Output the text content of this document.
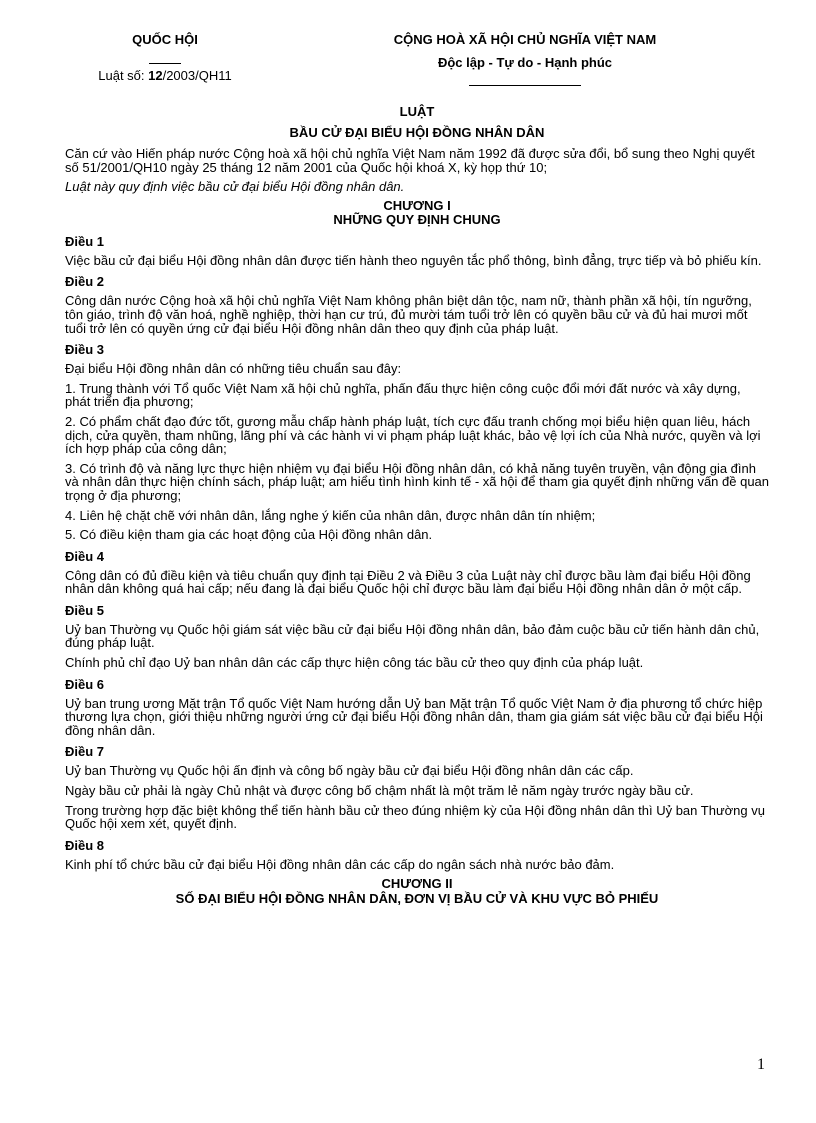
QUỐC HỘI
Luật số: 12/2003/QH11
CỘNG HOÀ XÃ HỘI CHỦ NGHĨA VIỆT NAM
Độc lập - Tự do - Hạnh phúc
LUẬT
BẦU CỬ ĐẠI BIỂU HỘI ĐỒNG NHÂN DÂN

Căn cứ vào Hiến pháp nước Cộng hoà xã hội chủ nghĩa Việt Nam năm 1992 đã được sửa đổi, bổ sung theo Nghị quyết số 51/2001/QH10 ngày 25 tháng 12 năm 2001 của Quốc hội khoá X, kỳ họp thứ 10;

Luật này quy định việc bầu cử đại biểu Hội đồng nhân dân.

CHƯƠNG I
NHỮNG QUY ĐỊNH CHUNG
Điều 1

Việc bầu cử đại biểu Hội đồng nhân dân được tiến hành theo nguyên tắc phổ thông, bình đẳng, trực tiếp và bỏ phiếu kín.

Điều 2

Công dân nước Cộng hoà xã hội chủ nghĩa Việt Nam không phân biệt dân tộc, nam nữ, thành phần xã hội, tín ngưỡng, tôn giáo, trình độ văn hoá, nghề nghiệp, thời hạn cư trú, đủ mười tám tuổi trở lên có quyền bầu cử và đủ hai mươi mốt tuổi trở lên có quyền ứng cử đại biểu Hội đồng nhân dân theo quy định của pháp luật.

Điều 3

Đại biểu Hội đồng nhân dân có những tiêu chuẩn sau đây:

1. Trung thành với Tổ quốc Việt Nam xã hội chủ nghĩa, phấn đấu thực hiện công cuộc đổi mới đất nước và xây dựng, phát triển địa phương;

2. Có phẩm chất đạo đức tốt, gương mẫu chấp hành pháp luật, tích cực đấu tranh chống mọi biểu hiện quan liêu, hách dịch, cửa quyền, tham nhũng, lãng phí và các hành vi vi phạm pháp luật khác, bảo vệ lợi ích của Nhà nước, quyền và lợi ích hợp pháp của công dân;

3. Có trình độ và năng lực thực hiện nhiệm vụ đại biểu Hội đồng nhân dân, có khả năng tuyên truyền, vận động gia đình và nhân dân thực hiện chính sách, pháp luật; am hiểu tình hình kinh tế - xã hội để tham gia quyết định những vấn đề quan trọng ở địa phương;

4. Liên hệ chặt chẽ với nhân dân, lắng nghe ý kiến của nhân dân, được nhân dân tín nhiệm;

5. Có điều kiện tham gia các hoạt động của Hội đồng nhân dân.

Điều 4

Công dân có đủ điều kiện và tiêu chuẩn quy định tại Điều 2 và Điều 3 của Luật này chỉ được bầu làm đại biểu Hội đồng nhân dân không quá hai cấp; nếu đang là đại biểu Quốc hội chỉ được bầu làm đại biểu Hội đồng nhân dân ở một cấp.

Điều 5

Uỷ ban Thường vụ Quốc hội giám sát việc bầu cử đại biểu Hội đồng nhân dân, bảo đảm cuộc bầu cử tiến hành dân chủ, đúng pháp luật.

Chính phủ chỉ đạo Uỷ ban nhân dân các cấp thực hiện công tác bầu cử theo quy định của pháp luật.

Điều 6

Uỷ ban trung ương Mặt trận Tổ quốc Việt Nam hướng dẫn Uỷ ban Mặt trận Tổ quốc Việt Nam ở địa phương tổ chức hiệp thương lựa chọn, giới thiệu những người ứng cử đại biểu Hội đồng nhân dân, tham gia giám sát việc bầu cử đại biểu Hội đồng nhân dân.

Điều 7

Uỷ ban Thường vụ Quốc hội ấn định và công bố ngày bầu cử đại biểu Hội đồng nhân dân các cấp.

Ngày bầu cử phải là ngày Chủ nhật và được công bố chậm nhất là một trăm lẻ năm ngày trước ngày bầu cử.

Trong trường hợp đặc biệt không thể tiến hành bầu cử theo đúng nhiệm kỳ của Hội đồng nhân dân thì Uỷ ban Thường vụ Quốc hội xem xét, quyết định.

Điều 8

Kinh phí tổ chức bầu cử đại biểu Hội đồng nhân dân các cấp do ngân sách nhà nước bảo đảm.

CHƯƠNG II
SỐ ĐẠI BIỂU HỘI ĐỒNG NHÂN DÂN, ĐƠN VỊ BẦU CỬ VÀ KHU VỰC BỎ PHIẾU
1
